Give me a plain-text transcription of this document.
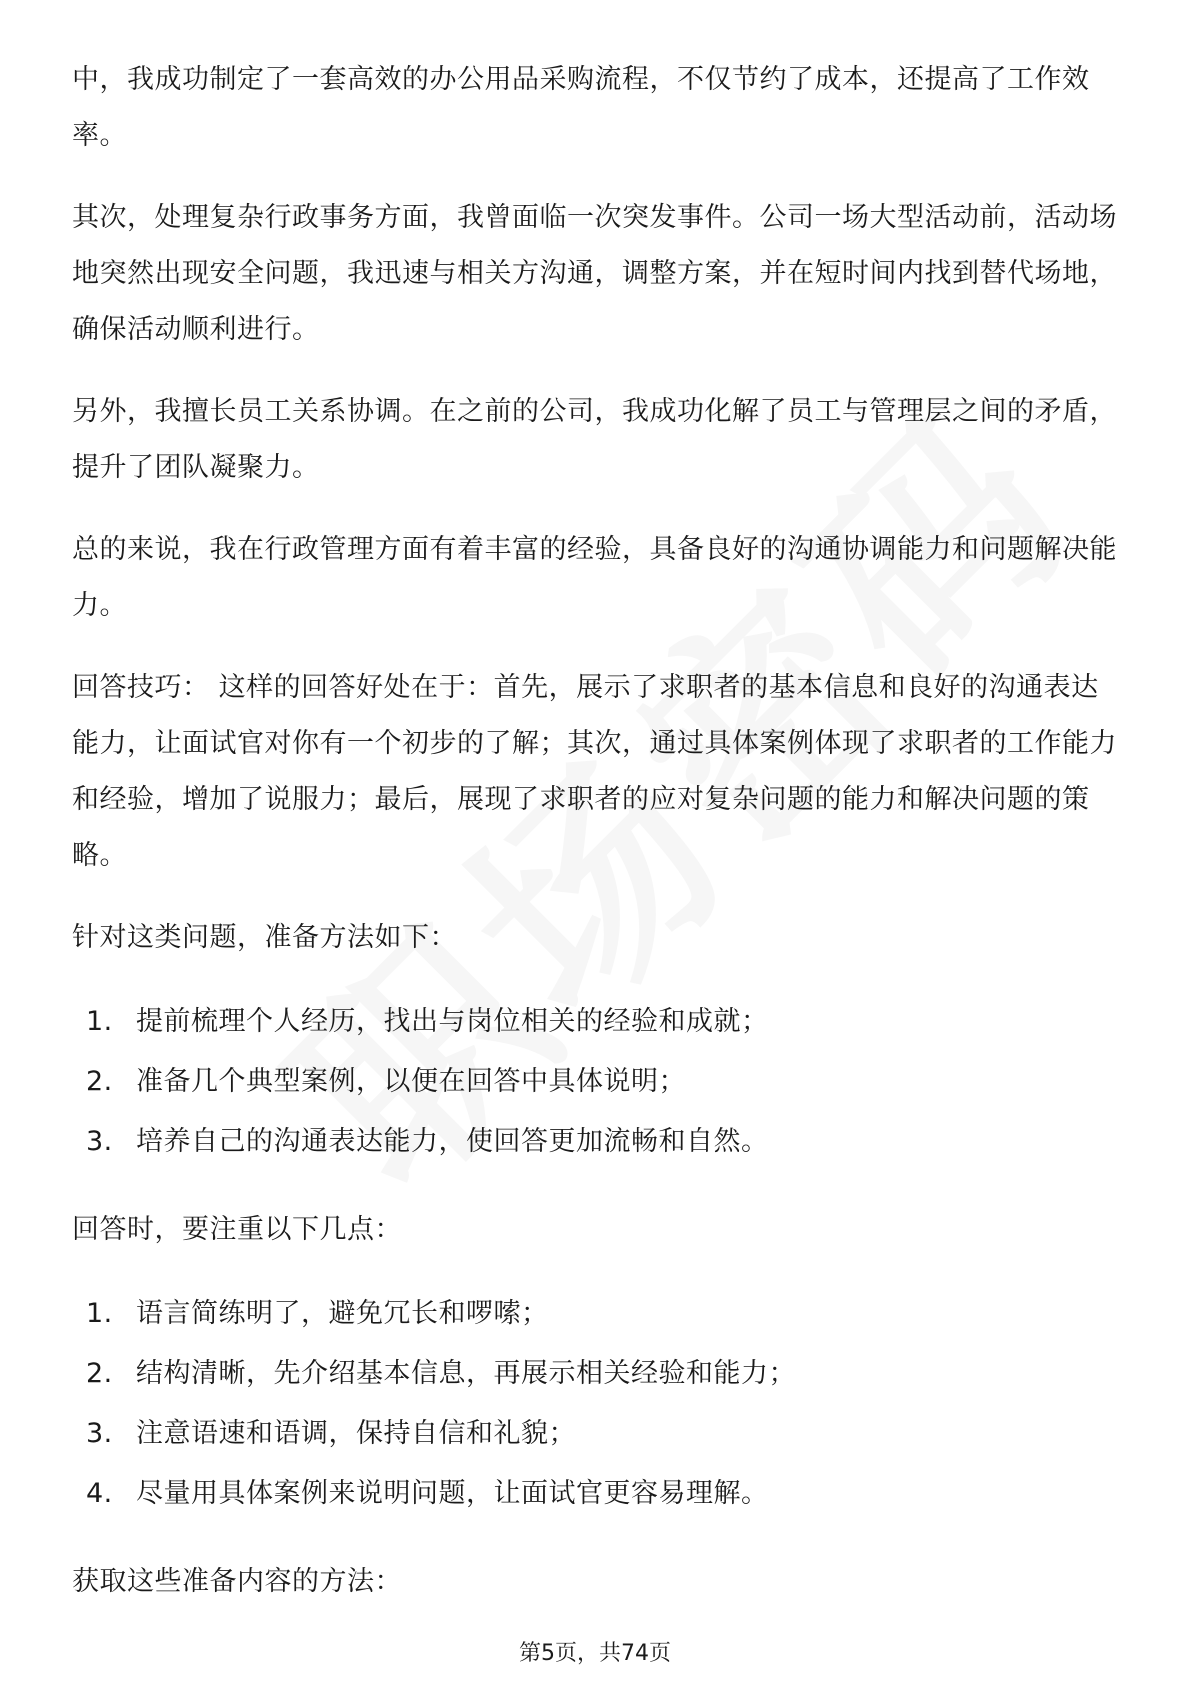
中，我成功制定了一套高效的办公用品采购流程，不仅节约了成本，还提高了工作效率。

其次，处理复杂行政事务方面，我曾面临一次突发事件。公司一场大型活动前，活动场地突然出现安全问题，我迅速与相关方沟通，调整方案，并在短时间内找到替代场地，确保活动顺利进行。

另外，我擅长员工关系协调。在之前的公司，我成功化解了员工与管理层之间的矛盾，提升了团队凝聚力。

总的来说，我在行政管理方面有着丰富的经验，具备良好的沟通协调能力和问题解决能力。

回答技巧： 这样的回答好处在于：首先，展示了求职者的基本信息和良好的沟通表达能力，让面试官对你有一个初步的了解；其次，通过具体案例体现了求职者的工作能力和经验，增加了说服力；最后，展现了求职者的应对复杂问题的能力和解决问题的策略。

针对这类问题，准备方法如下：

1. 提前梳理个人经历，找出与岗位相关的经验和成就；
2. 准备几个典型案例，以便在回答中具体说明；
3. 培养自己的沟通表达能力，使回答更加流畅和自然。

回答时，要注重以下几点：

1. 语言简练明了，避免冗长和啰嗦；
2. 结构清晰，先介绍基本信息，再展示相关经验和能力；
3. 注意语速和语调，保持自信和礼貌；
4. 尽量用具体案例来说明问题，让面试官更容易理解。

获取这些准备内容的方法：

第5页，共74页
